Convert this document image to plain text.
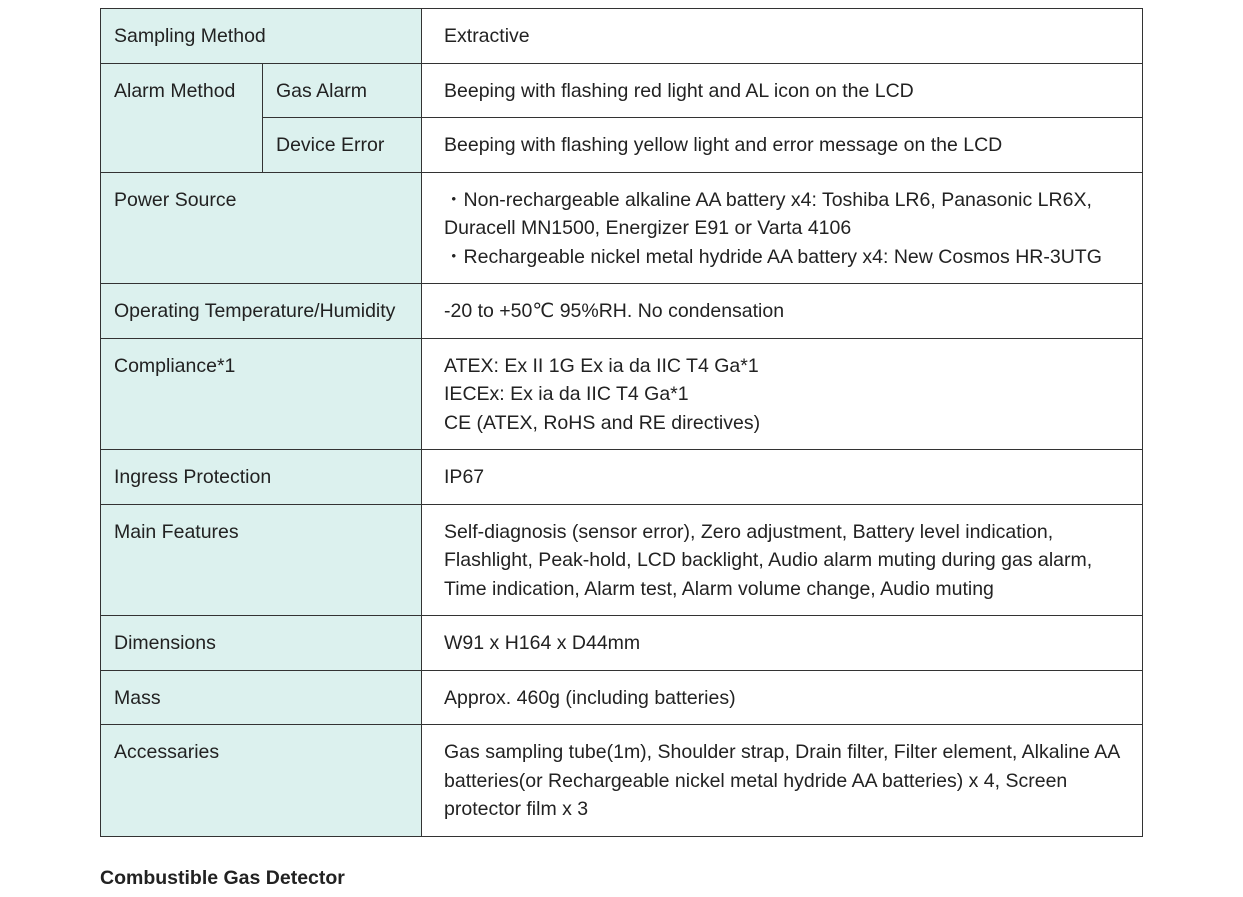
Sampling Method		Extractive
Alarm Method	Gas Alarm	Beeping with flashing red light and AL icon on the LCD
	Device Error	Beeping with flashing yellow light and error message on the LCD
Power Source		・Non-rechargeable alkaline AA battery x4: Toshiba LR6, Panasonic LR6X, Duracell MN1500, Energizer E91 or Varta 4106
・Rechargeable nickel metal hydride AA battery x4: New Cosmos HR-3UTG

Operating Temperature/Humidity		-20 to +50℃ 95%RH. No condensation
Compliance*1		ATEX: Ex II 1G Ex ia da IIC T4 Ga*1
IECEx: Ex ia da IIC T4 Ga*1
CE (ATEX, RoHS and RE directives)

Ingress Protection		IP67
Main Features		Self-diagnosis (sensor error), Zero adjustment, Battery level indication, Flashlight, Peak-hold, LCD backlight, Audio alarm muting during gas alarm, Time indication, Alarm test, Alarm volume change, Audio muting
Dimensions		W91 x H164 x D44mm
Mass		Approx. 460g (including batteries)
Accessaries		Gas sampling tube(1m), Shoulder strap, Drain filter, Filter element, Alkaline AA batteries(or Rechargeable nickel metal hydride AA batteries) x 4, Screen protector film x 3
Combustible Gas Detector
